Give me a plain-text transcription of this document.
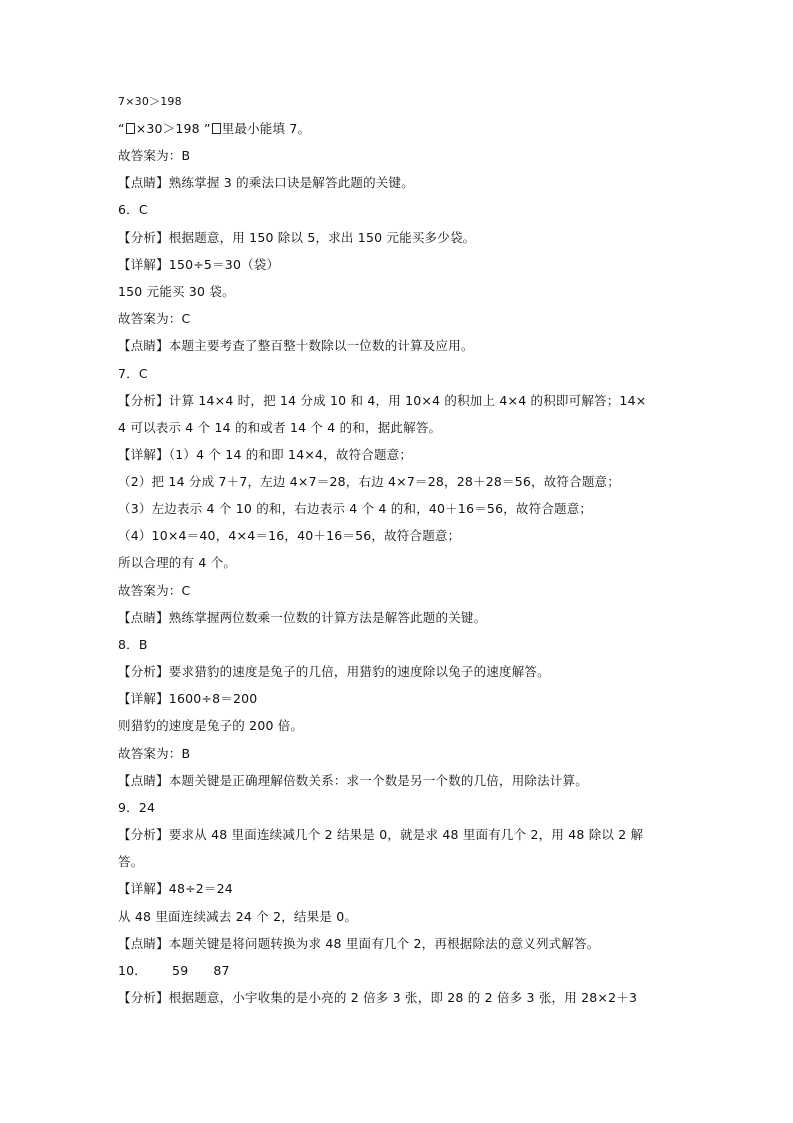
7×30＞198
“ ×30＞198 ” 里最小能填 7。
故答案为：B
【点睛】熟练掌握 3 的乘法口诀是解答此题的关键。
6．C
【分析】根据题意，用 150 除以 5，求出 150 元能买多少袋。
【详解】150÷5＝30（袋）
150 元能买 30 袋。
故答案为：C
【点睛】本题主要考查了整百整十数除以一位数的计算及应用。
7．C
【分析】计算 14×4 时，把 14 分成 10 和 4，用 10×4 的积加上 4×4 的积即可解答；14×
4 可以表示 4 个 14 的和或者 14 个 4 的和，据此解答。
【详解】（1）4 个 14 的和即 14×4，故符合题意；
（2）把 14 分成 7＋7，左边 4×7＝28，右边 4×7＝28，28＋28＝56，故符合题意；
（3）左边表示 4 个 10 的和，右边表示 4 个 4 的和，40＋16＝56，故符合题意；
（4）10×4＝40，4×4＝16，40＋16＝56，故符合题意；
所以合理的有 4 个。
故答案为：C
【点睛】熟练掌握两位数乘一位数的计算方法是解答此题的关键。
8．B
【分析】要求猎豹的速度是兔子的几倍，用猎豹的速度除以兔子的速度解答。
【详解】1600÷8＝200
则猎豹的速度是兔子的 200 倍。
故答案为：B
【点睛】本题关键是正确理解倍数关系：求一个数是另一个数的几倍，用除法计算。
9．24
【分析】要求从 48 里面连续减几个 2 结果是 0，就是求 48 里面有几个 2，用 48 除以 2 解
答。
【详解】48÷2＝24
从 48 里面连续减去 24 个 2，结果是 0。
【点睛】本题关键是将问题转换为求 48 里面有几个 2，再根据除法的意义列式解答。
10．      59      87
【分析】根据题意，小宇收集的是小亮的 2 倍多 3 张，即 28 的 2 倍多 3 张，用 28×2＋3
